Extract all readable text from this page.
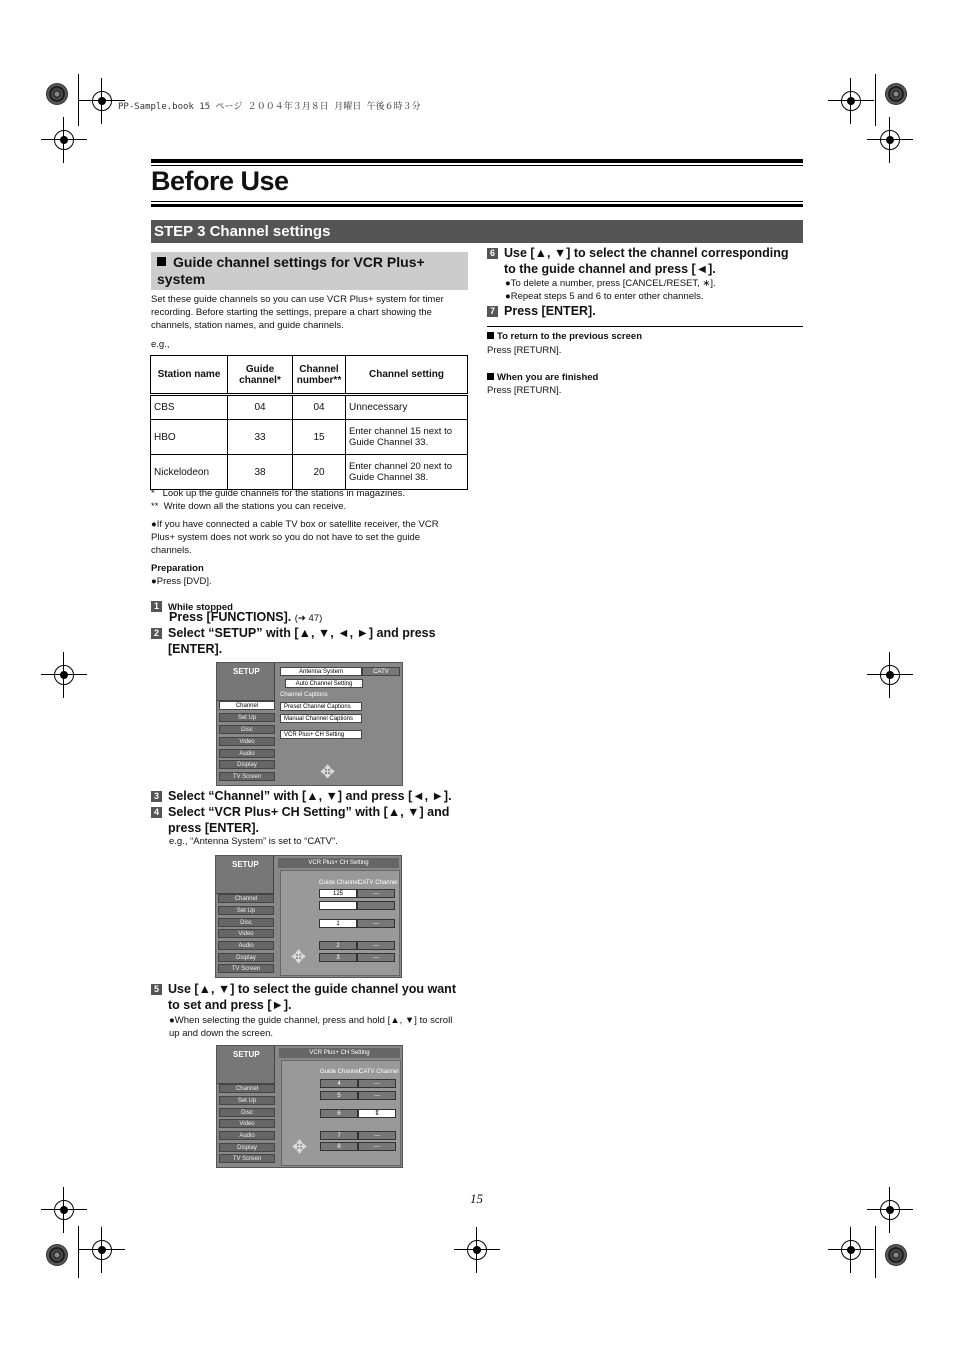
PP-Sample.book 15 ページ ２００４年３月８日 月曜日 午後６時３分
Before Use
STEP 3 Channel settings
Guide channel settings for VCR Plus+ system
Set these guide channels so you can use VCR Plus+ system for timer recording. Before starting the settings, prepare a chart showing the channels, station names, and guide channels.
e.g.,
Station name	Guide channel*	Channel number**	Channel setting
CBS	04	04	Unnecessary
HBO	33	15	Enter channel 15 next to Guide Channel 33.
Nickelodeon	38	20	Enter channel 20 next to Guide Channel 38.
*   Look up the guide channels for the stations in magazines.
**  Write down all the stations you can receive.
●If you have connected a cable TV box or satellite receiver, the VCR Plus+ system does not work so you do not have to set the guide channels.
Preparation
●Press [DVD].
1 While stopped
Press [FUNCTIONS]. (➜ 47)
2 Select “SETUP” with [▲, ▼, ◄, ►] and press [ENTER].
SETUP
Channel
Set Up
Disc
Video
Audio
Display
TV Screen
Antenna System	CATV
Auto Channel Setting
Channel Captions
Preset Channel Captions
Manual Channel Captions
VCR Plus+ CH Setting
✥
3 Select “Channel” with [▲, ▼] and press [◄, ►].
4 Select “VCR Plus+ CH Setting” with [▲, ▼] and press [ENTER].
e.g., “Antenna System” is set to “CATV”.
SETUP
Channel
Set Up
Disc
Video
Audio
Display
TV Screen
VCR Plus+ CH Setting
Guide Channel
CATV Channel
125	---
1	---
2	---
3	---
✥
5 Use [▲, ▼] to select the guide channel you want to set and press [►].
●When selecting the guide channel, press and hold [▲, ▼] to scroll up and down the screen.
SETUP
Channel
Set Up
Disc
Video
Audio
Display
TV Screen
VCR Plus+ CH Setting
Guide Channel
CATV Channel
4	---
5	---
6	⇕
7	---
8	---
✥
6 Use [▲, ▼] to select the channel corresponding to the guide channel and press [◄].
●To delete a number, press [CANCEL/RESET, ∗].
●Repeat steps 5 and 6 to enter other channels.
7 Press [ENTER].
To return to the previous screen
Press [RETURN].
When you are finished
Press [RETURN].
15
